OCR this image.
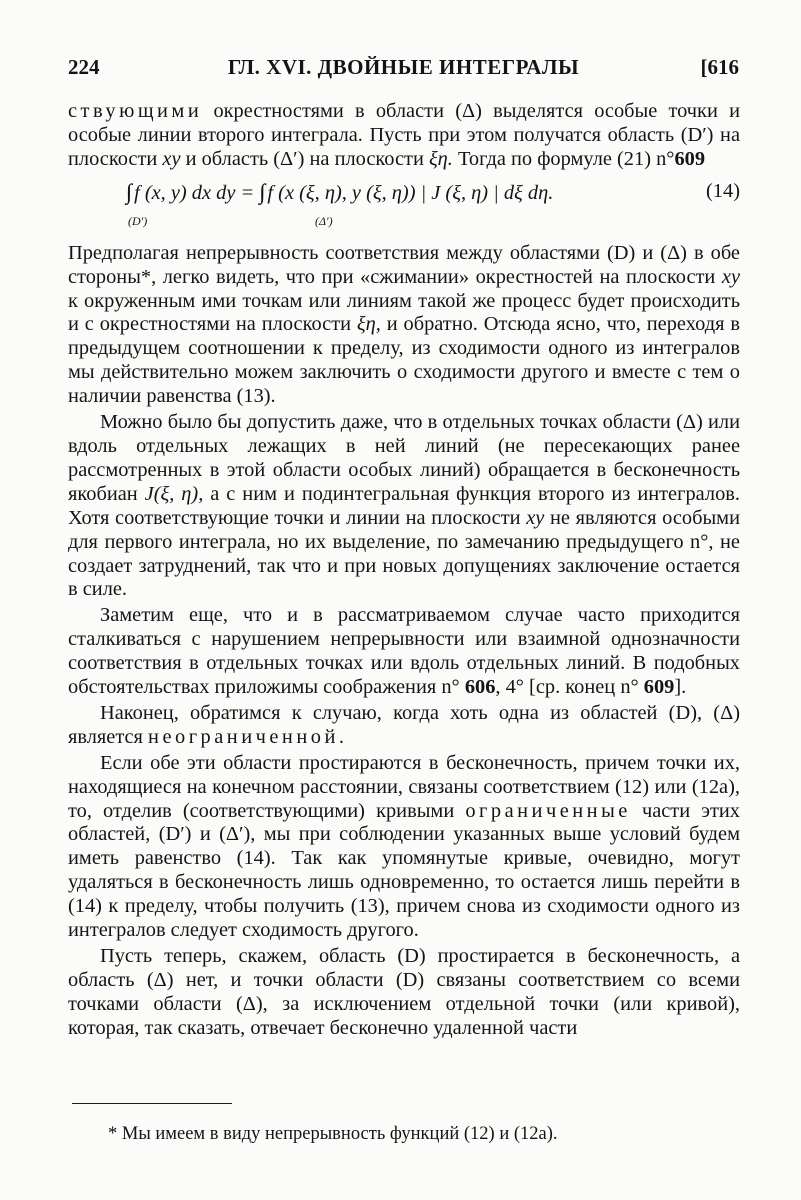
224	ГЛ. XVI. ДВОЙНЫЕ ИНТЕГРАЛЫ	[616

ствующими окрестностями в области (Δ) выделятся особые точки и особые линии второго интеграла. Пусть при этом получатся область (D′) на плоскости xy и область (Δ′) на плоскости ξη. Тогда по формуле (21) n°609

∫∫ f (x, y) dx dy = ∫∫ f (x (ξ, η), y (ξ, η)) | J (ξ, η) | dξ dη.
(D′)	(Δ′)
(14)

Предполагая непрерывность соответствия между областями (D) и (Δ) в обе стороны*, легко видеть, что при «сжимании» окрестностей на плоскости xy к окруженным ими точкам или линиям такой же процесс будет происходить и с окрестностями на плоскости ξη, и обратно. Отсюда ясно, что, переходя в предыдущем соотношении к пределу, из сходимости одного из интегралов мы действительно можем заключить о сходимости другого и вместе с тем о наличии равенства (13).

Можно было бы допустить даже, что в отдельных точках области (Δ) или вдоль отдельных лежащих в ней линий (не пересекающих ранее рассмотренных в этой области особых линий) обращается в бесконечность якобиан J(ξ, η), а с ним и подинтегральная функция второго из интегралов. Хотя соответствующие точки и линии на плоскости xy не являются особыми для первого интеграла, но их выделение, по замечанию предыдущего n°, не создает затруднений, так что и при новых допущениях заключение остается в силе.

Заметим еще, что и в рассматриваемом случае часто приходится сталкиваться с нарушением непрерывности или взаимной однозначности соответствия в отдельных точках или вдоль отдельных линий. В подобных обстоятельствах приложимы соображения n° 606, 4° [ср. конец n° 609].

Наконец, обратимся к случаю, когда хоть одна из областей (D), (Δ) является неограниченной.

Если обе эти области простираются в бесконечность, причем точки их, находящиеся на конечном расстоянии, связаны соответствием (12) или (12a), то, отделив (соответствующими) кривыми ограниченные части этих областей, (D′) и (Δ′), мы при соблюдении указанных выше условий будем иметь равенство (14). Так как упомянутые кривые, очевидно, могут удаляться в бесконечность лишь одновременно, то остается лишь перейти в (14) к пределу, чтобы получить (13), причем снова из сходимости одного из интегралов следует сходимость другого.

Пусть теперь, скажем, область (D) простирается в бесконечность, а область (Δ) нет, и точки области (D) связаны соответствием со всеми точками области (Δ), за исключением отдельной точки (или кривой), которая, так сказать, отвечает бесконечно удаленной части

* Мы имеем в виду непрерывность функций (12) и (12a).
